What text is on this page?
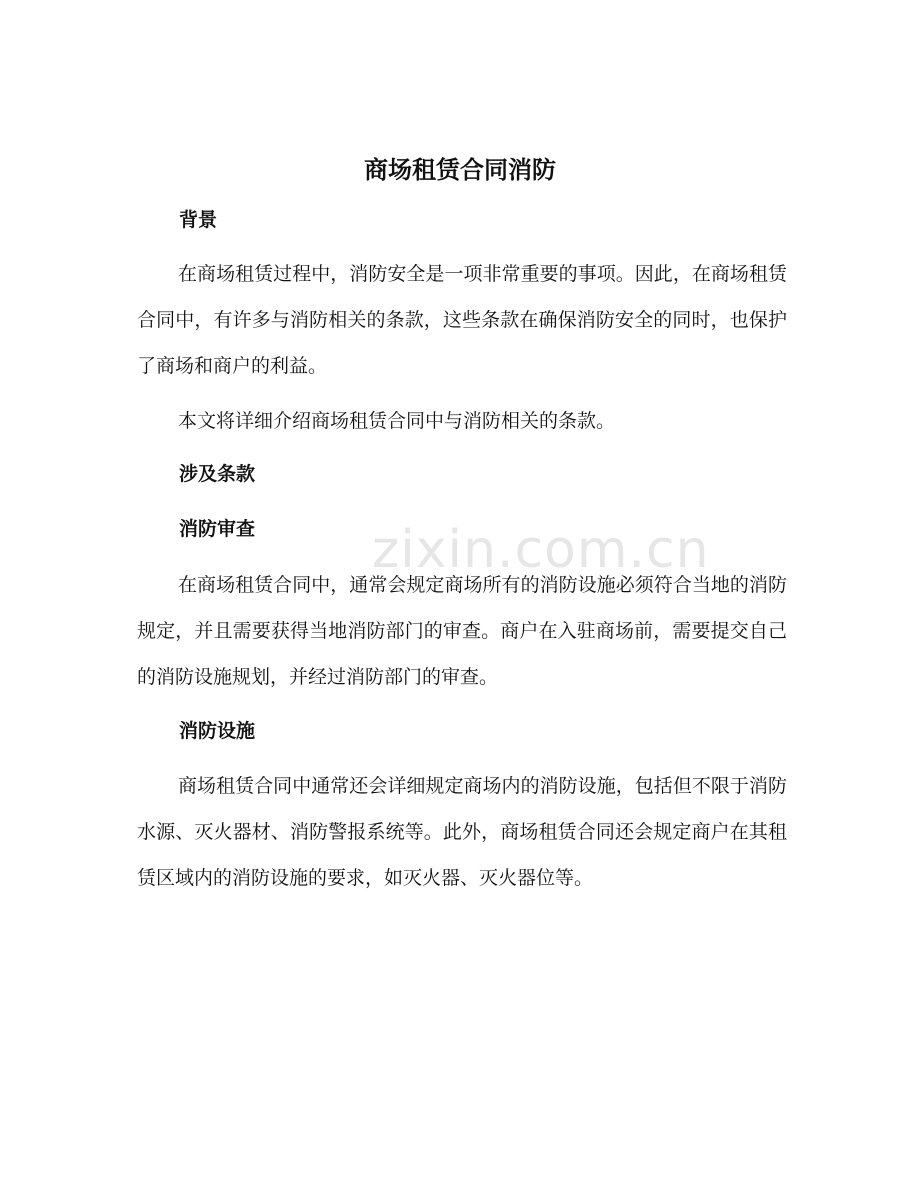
zixin.com.cn
商场租赁合同消防
背景
在商场租赁过程中，消防安全是一项非常重要的事项。因此，在商场租赁合同中，有许多与消防相关的条款，这些条款在确保消防安全的同时，也保护了商场和商户的利益。
本文将详细介绍商场租赁合同中与消防相关的条款。
涉及条款
消防审查
在商场租赁合同中，通常会规定商场所有的消防设施必须符合当地的消防规定，并且需要获得当地消防部门的审查。商户在入驻商场前，需要提交自己的消防设施规划，并经过消防部门的审查。
消防设施
商场租赁合同中通常还会详细规定商场内的消防设施，包括但不限于消防水源、灭火器材、消防警报系统等。此外，商场租赁合同还会规定商户在其租赁区域内的消防设施的要求，如灭火器、灭火器位等。
